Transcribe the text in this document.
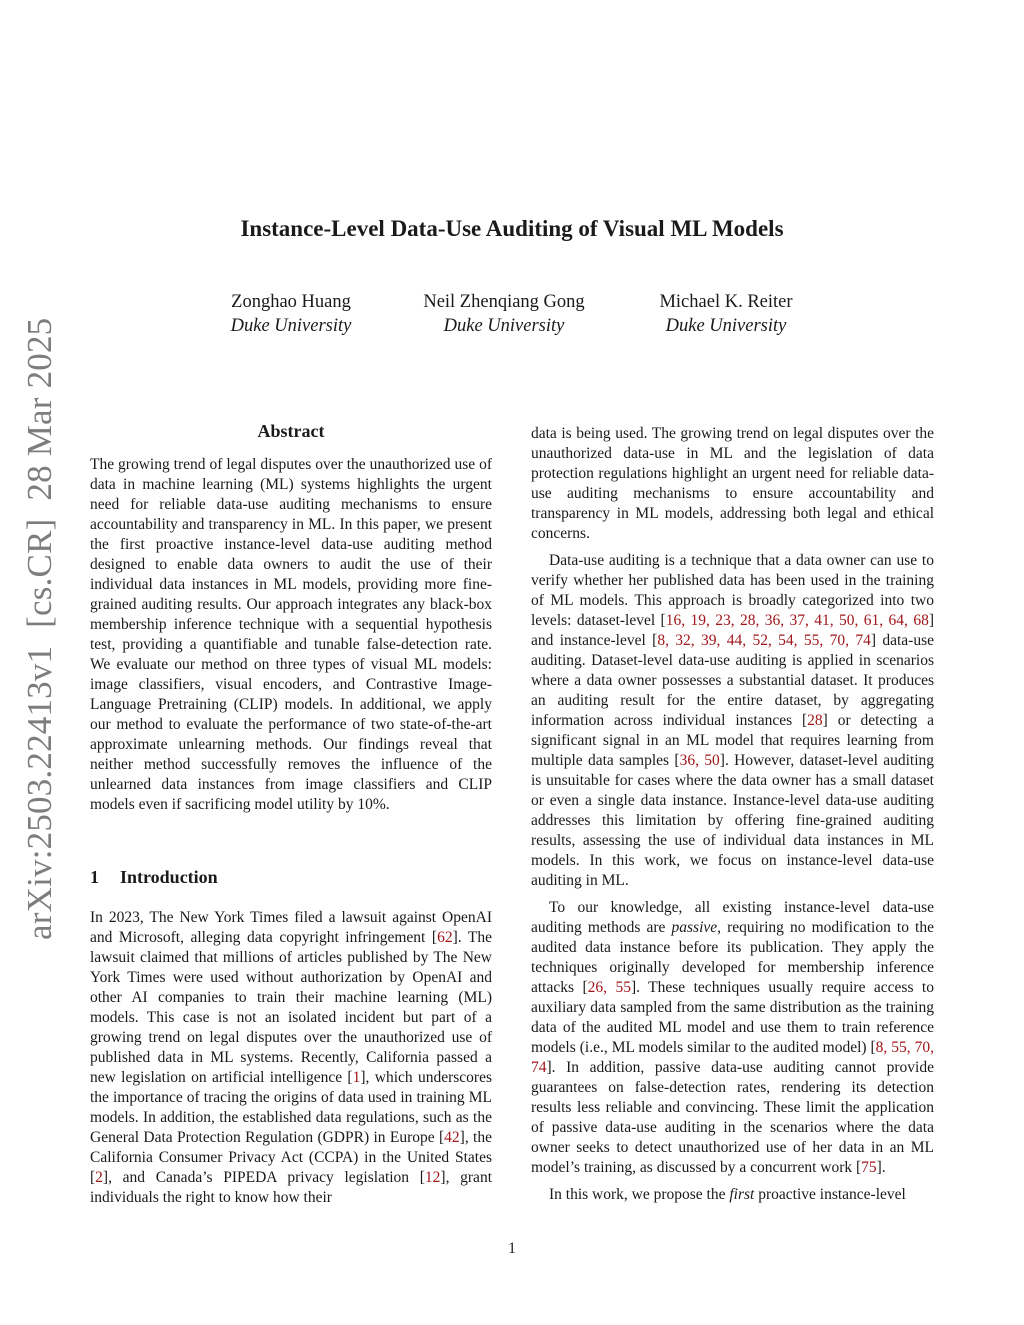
arXiv:2503.22413v1  [cs.CR]  28 Mar 2025
Instance-Level Data-Use Auditing of Visual ML Models
Zonghao Huang
Duke University
Neil Zhenqiang Gong
Duke University
Michael K. Reiter
Duke University
Abstract

The growing trend of legal disputes over the unauthorized use of data in machine learning (ML) systems highlights the urgent need for reliable data-use auditing mechanisms to ensure accountability and transparency in ML. In this paper, we present the first proactive instance-level data-use auditing method designed to enable data owners to audit the use of their individual data instances in ML models, providing more fine-grained auditing results. Our approach integrates any black-box membership inference technique with a sequential hypothesis test, providing a quantifiable and tunable false-detection rate. We evaluate our method on three types of visual ML models: image classifiers, visual encoders, and Contrastive Image-Language Pretraining (CLIP) models. In additional, we apply our method to evaluate the performance of two state-of-the-art approximate unlearning methods. Our findings reveal that neither method successfully removes the influence of the unlearned data instances from image classifiers and CLIP models even if sacrificing model utility by 10%.

1 Introduction

In 2023, The New York Times filed a lawsuit against OpenAI and Microsoft, alleging data copyright infringement [62]. The lawsuit claimed that millions of articles published by The New York Times were used without authorization by OpenAI and other AI companies to train their machine learning (ML) models. This case is not an isolated incident but part of a growing trend on legal disputes over the unauthorized use of published data in ML systems. Recently, California passed a new legislation on artificial intelligence [1], which underscores the importance of tracing the origins of data used in training ML models. In addition, the established data regulations, such as the General Data Protection Regulation (GDPR) in Europe [42], the California Consumer Privacy Act (CCPA) in the United States [2], and Canada’s PIPEDA privacy legislation [12], grant individuals the right to know how their

data is being used. The growing trend on legal disputes over the unauthorized data-use in ML and the legislation of data protection regulations highlight an urgent need for reliable data-use auditing mechanisms to ensure accountability and transparency in ML models, addressing both legal and ethical concerns.

Data-use auditing is a technique that a data owner can use to verify whether her published data has been used in the training of ML models. This approach is broadly categorized into two levels: dataset-level [16, 19, 23, 28, 36, 37, 41, 50, 61, 64, 68] and instance-level [8, 32, 39, 44, 52, 54, 55, 70, 74] data-use auditing. Dataset-level data-use auditing is applied in scenarios where a data owner possesses a substantial dataset. It produces an auditing result for the entire dataset, by aggregating information across individual instances [28] or detecting a significant signal in an ML model that requires learning from multiple data samples [36, 50]. However, dataset-level auditing is unsuitable for cases where the data owner has a small dataset or even a single data instance. Instance-level data-use auditing addresses this limitation by offering fine-grained auditing results, assessing the use of individual data instances in ML models. In this work, we focus on instance-level data-use auditing in ML.

To our knowledge, all existing instance-level data-use auditing methods are passive, requiring no modification to the audited data instance before its publication. They apply the techniques originally developed for membership inference attacks [26, 55]. These techniques usually require access to auxiliary data sampled from the same distribution as the training data of the audited ML model and use them to train reference models (i.e., ML models similar to the audited model) [8, 55, 70, 74]. In addition, passive data-use auditing cannot provide guarantees on false-detection rates, rendering its detection results less reliable and convincing. These limit the application of passive data-use auditing in the scenarios where the data owner seeks to detect unauthorized use of her data in an ML model’s training, as discussed by a concurrent work [75].

In this work, we propose the first proactive instance-level

1
